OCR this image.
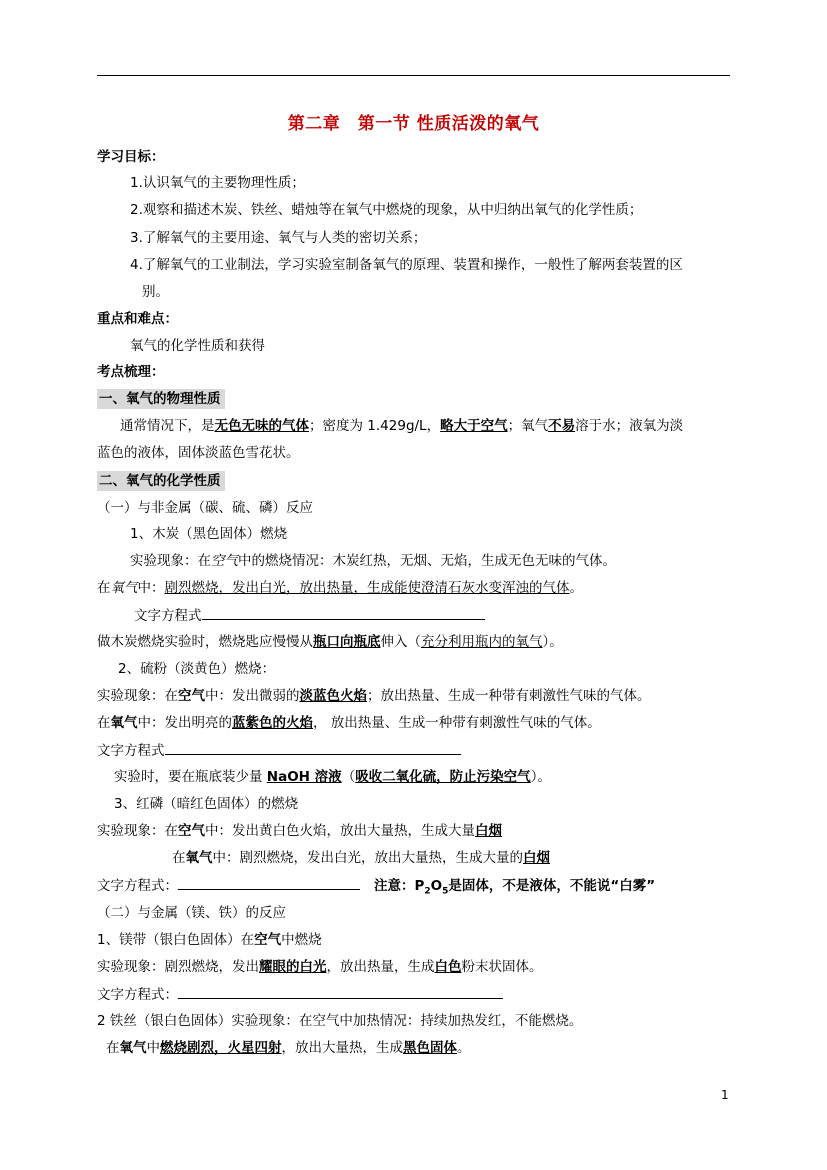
第二章　第一节 性质活泼的氧气
学习目标：
1.认识氧气的主要物理性质；
2.观察和描述木炭、铁丝、蜡烛等在氧气中燃烧的现象，从中归纳出氧气的化学性质；
3.了解氧气的主要用途、氧气与人类的密切关系；
4.了解氧气的工业制法，学习实验室制备氧气的原理、装置和操作，一般性了解两套装置的区
别。
重点和难点：
氧气的化学性质和获得
考点梳理：
一、氧气的物理性质
通常情况下，是无色无味的气体；密度为 1.429g/L，略大于空气；氧气不易溶于水；液氧为淡
蓝色的液体，固体淡蓝色雪花状。
二、氧气的化学性质
（一）与非金属（碳、硫、磷）反应
1、木炭（黑色固体）燃烧
实验现象：在空气中的燃烧情况：木炭红热，无烟、无焰，生成无色无味的气体。
在氧气中：剧烈燃烧，发出白光，放出热量，生成能使澄清石灰水变浑浊的气体。
文字方程式
做木炭燃烧实验时，燃烧匙应慢慢从瓶口向瓶底伸入（充分利用瓶内的氧气）。
2、硫粉（淡黄色）燃烧：
实验现象：在空气中：发出微弱的淡蓝色火焰；放出热量、生成一种带有刺激性气味的气体。
在氧气中：发出明亮的蓝紫色的火焰， 放出热量、生成一种带有刺激性气味的气体。
文字方程式
实验时，要在瓶底装少量 NaOH 溶液（吸收二氧化硫，防止污染空气）。
3、红磷（暗红色固体）的燃烧
实验现象：在空气中：发出黄白色火焰，放出大量热，生成大量白烟
在氧气中：剧烈燃烧，发出白光，放出大量热，生成大量的白烟
文字方程式：	注意：$P_2O_5$是固体，不是液体，不能说“白雾”
（二）与金属（镁、铁）的反应
1、镁带（银白色固体）在空气中燃烧
实验现象：剧烈燃烧，发出耀眼的白光，放出热量，生成白色粉末状固体。
文字方程式：
2 铁丝（银白色固体）实验现象：在空气中加热情况：持续加热发红，不能燃烧。
在氧气中燃烧剧烈，火星四射，放出大量热，生成黑色固体。
1
